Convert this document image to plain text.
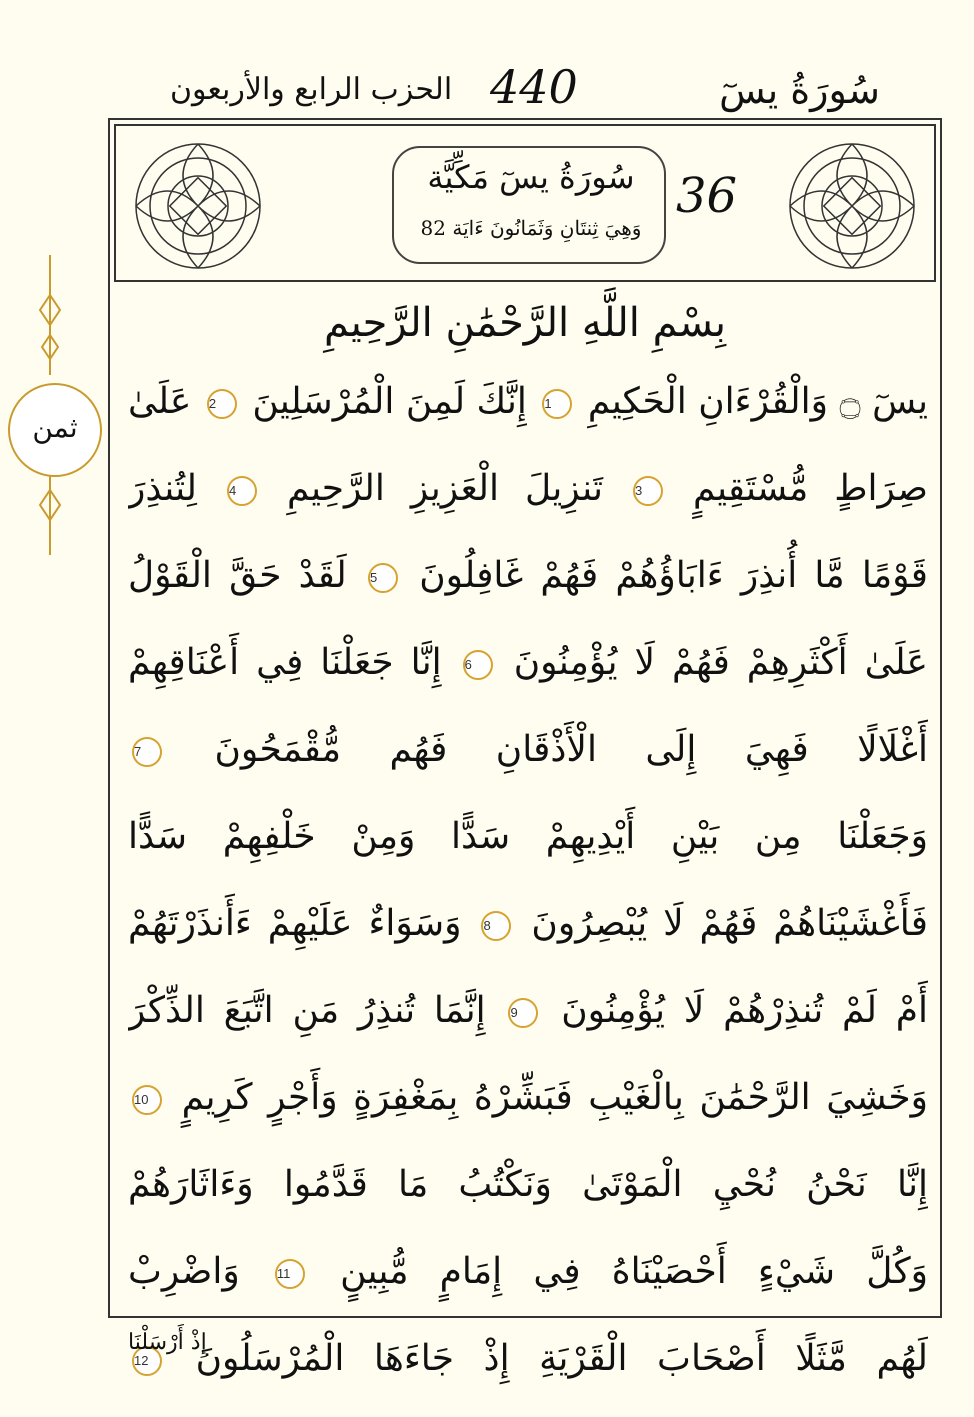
الحزب الرابع والأربعون 440	سُورَةُ يسٓ
سُورَةُ يسٓ مَكِّيَّة
وَهِيَ ثِنتَانِ وَثَمَانُونَ ءَايَة 82
36
ثمن
بِسْمِ اللَّهِ الرَّحْمَٰنِ الرَّحِيمِ
يسٓ ۝ وَالْقُرْءَانِ الْحَكِيمِ 1 إِنَّكَ لَمِنَ الْمُرْسَلِينَ 2 عَلَىٰ
صِرَاطٍ مُّسْتَقِيمٍ 3 تَنزِيلَ الْعَزِيزِ الرَّحِيمِ 4 لِتُنذِرَ
قَوْمًا مَّا أُنذِرَ ءَابَاؤُهُمْ فَهُمْ غَافِلُونَ 5 لَقَدْ حَقَّ الْقَوْلُ
عَلَىٰ أَكْثَرِهِمْ فَهُمْ لَا يُؤْمِنُونَ 6 إِنَّا جَعَلْنَا فِي أَعْنَاقِهِمْ
أَغْلَالًا فَهِيَ إِلَى الْأَذْقَانِ فَهُم مُّقْمَحُونَ 7
وَجَعَلْنَا مِن بَيْنِ أَيْدِيهِمْ سَدًّا وَمِنْ خَلْفِهِمْ سَدًّا
فَأَغْشَيْنَاهُمْ فَهُمْ لَا يُبْصِرُونَ 8 وَسَوَاءٌ عَلَيْهِمْ ءَأَنذَرْتَهُمْ
أَمْ لَمْ تُنذِرْهُمْ لَا يُؤْمِنُونَ 9 إِنَّمَا تُنذِرُ مَنِ اتَّبَعَ الذِّكْرَ
وَخَشِيَ الرَّحْمَٰنَ بِالْغَيْبِ فَبَشِّرْهُ بِمَغْفِرَةٍ وَأَجْرٍ كَرِيمٍ 10
إِنَّا نَحْنُ نُحْيِ الْمَوْتَىٰ وَنَكْتُبُ مَا قَدَّمُوا وَءَاثَارَهُمْ
وَكُلَّ شَيْءٍ أَحْصَيْنَاهُ فِي إِمَامٍ مُّبِينٍ 11 وَاضْرِبْ
لَهُم مَّثَلًا أَصْحَابَ الْقَرْيَةِ إِذْ جَاءَهَا الْمُرْسَلُونَ 12
إِذْ أَرْسَلْنَا
